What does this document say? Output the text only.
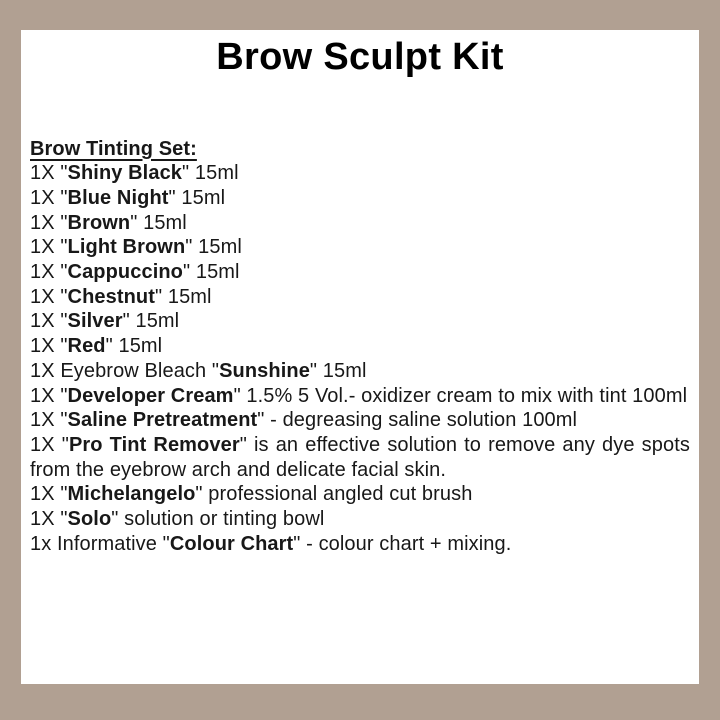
Brow Sculpt Kit
Brow Tinting Set:
1X "Shiny Black" 15ml
1X "Blue Night" 15ml
1X "Brown" 15ml
1X "Light Brown" 15ml
1X "Cappuccino" 15ml
1X "Chestnut" 15ml
1X "Silver" 15ml
1X "Red" 15ml
1X Eyebrow Bleach "Sunshine" 15ml
1X "Developer Cream" 1.5% 5 Vol.- oxidizer cream to mix with tint 100ml
1X "Saline Pretreatment" - degreasing saline solution 100ml
1X "Pro Tint Remover" is an effective solution to remove any dye spots from the eyebrow arch and delicate facial skin.
1X "Michelangelo" professional angled cut brush
1X "Solo" solution or tinting bowl
1x Informative "Colour Chart" - colour chart + mixing.
